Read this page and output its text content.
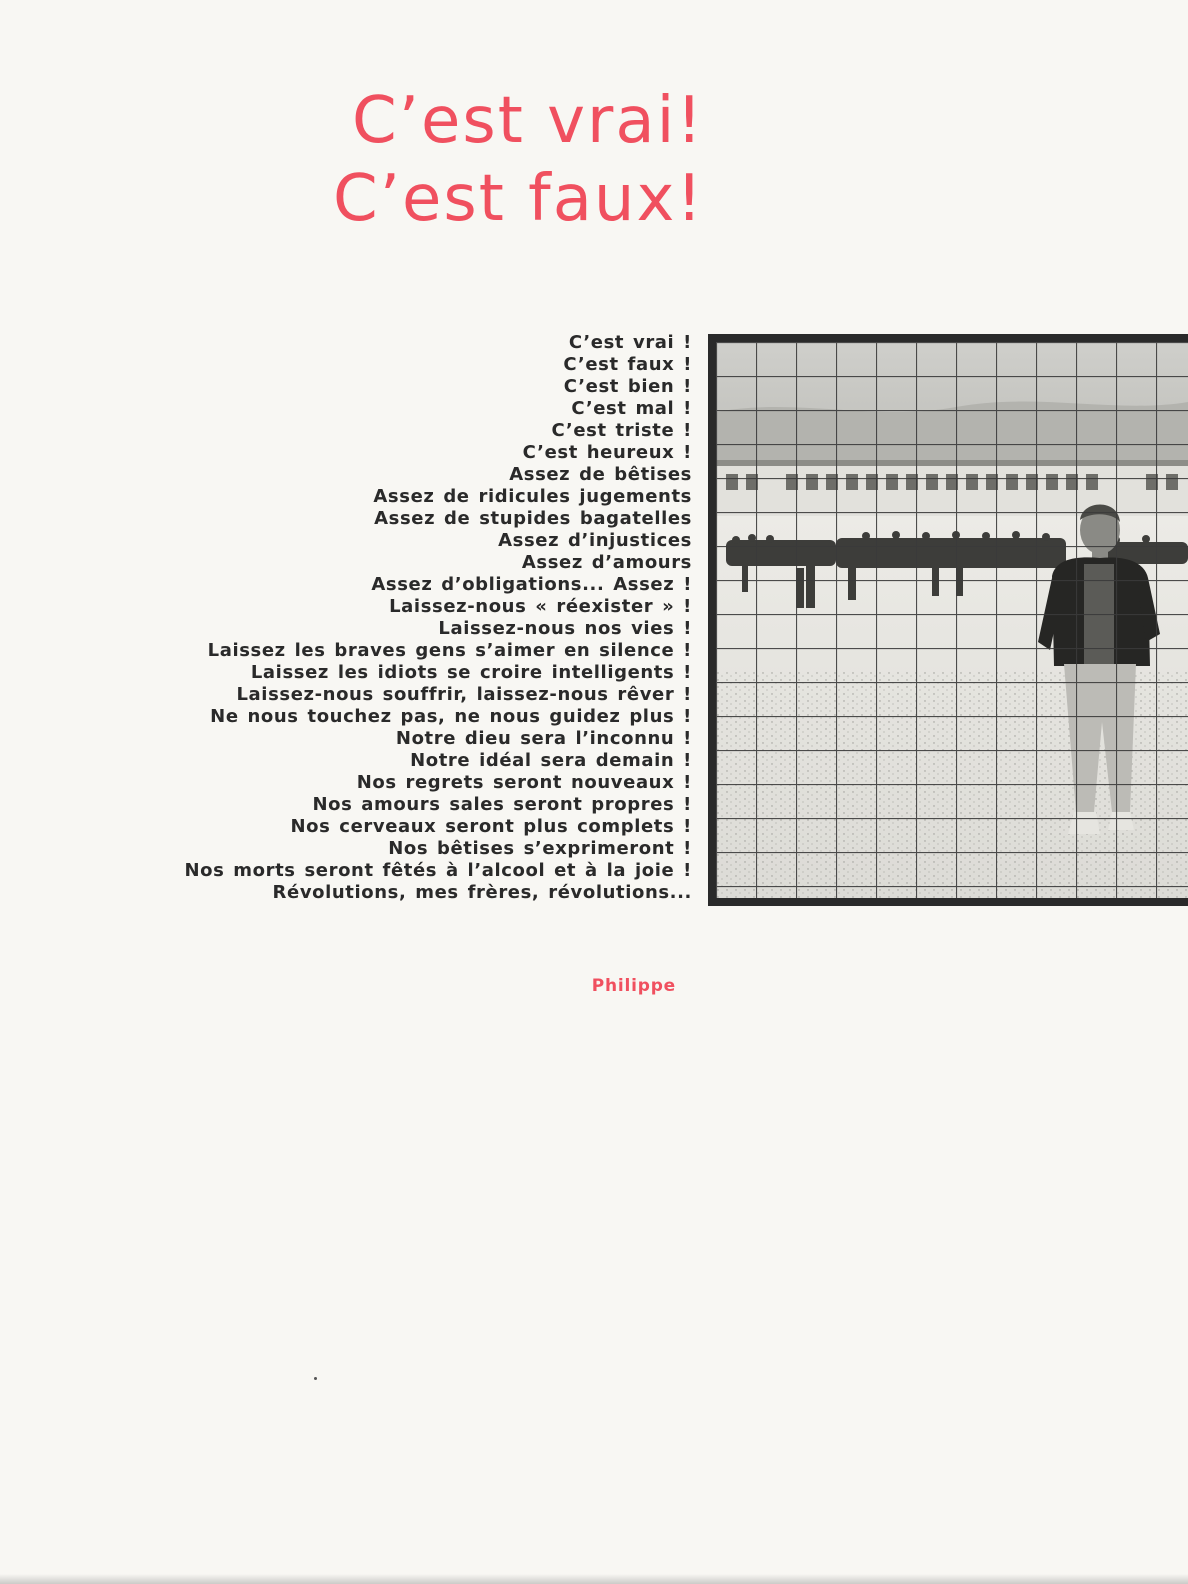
C’est vrai!
C’est faux!
C’est vrai !
C’est faux !
C’est bien !
C’est mal !
C’est triste !
C’est heureux !
Assez de bêtises
Assez de ridicules jugements
Assez de stupides bagatelles
Assez d’injustices
Assez d’amours
Assez d’obligations... Assez !
Laissez-nous « réexister » !
Laissez-nous nos vies !
Laissez les braves gens s’aimer en silence !
Laissez les idiots se croire intelligents !
Laissez-nous souffrir, laissez-nous rêver !
Ne nous touchez pas, ne nous guidez plus !
Notre dieu sera l’inconnu !
Notre idéal sera demain !
Nos regrets seront nouveaux !
Nos amours sales seront propres !
Nos cerveaux seront plus complets !
Nos bêtises s’exprimeront !
Nos morts seront fêtés à l’alcool et à la joie !
Révolutions, mes frères, révolutions...

Philippe
